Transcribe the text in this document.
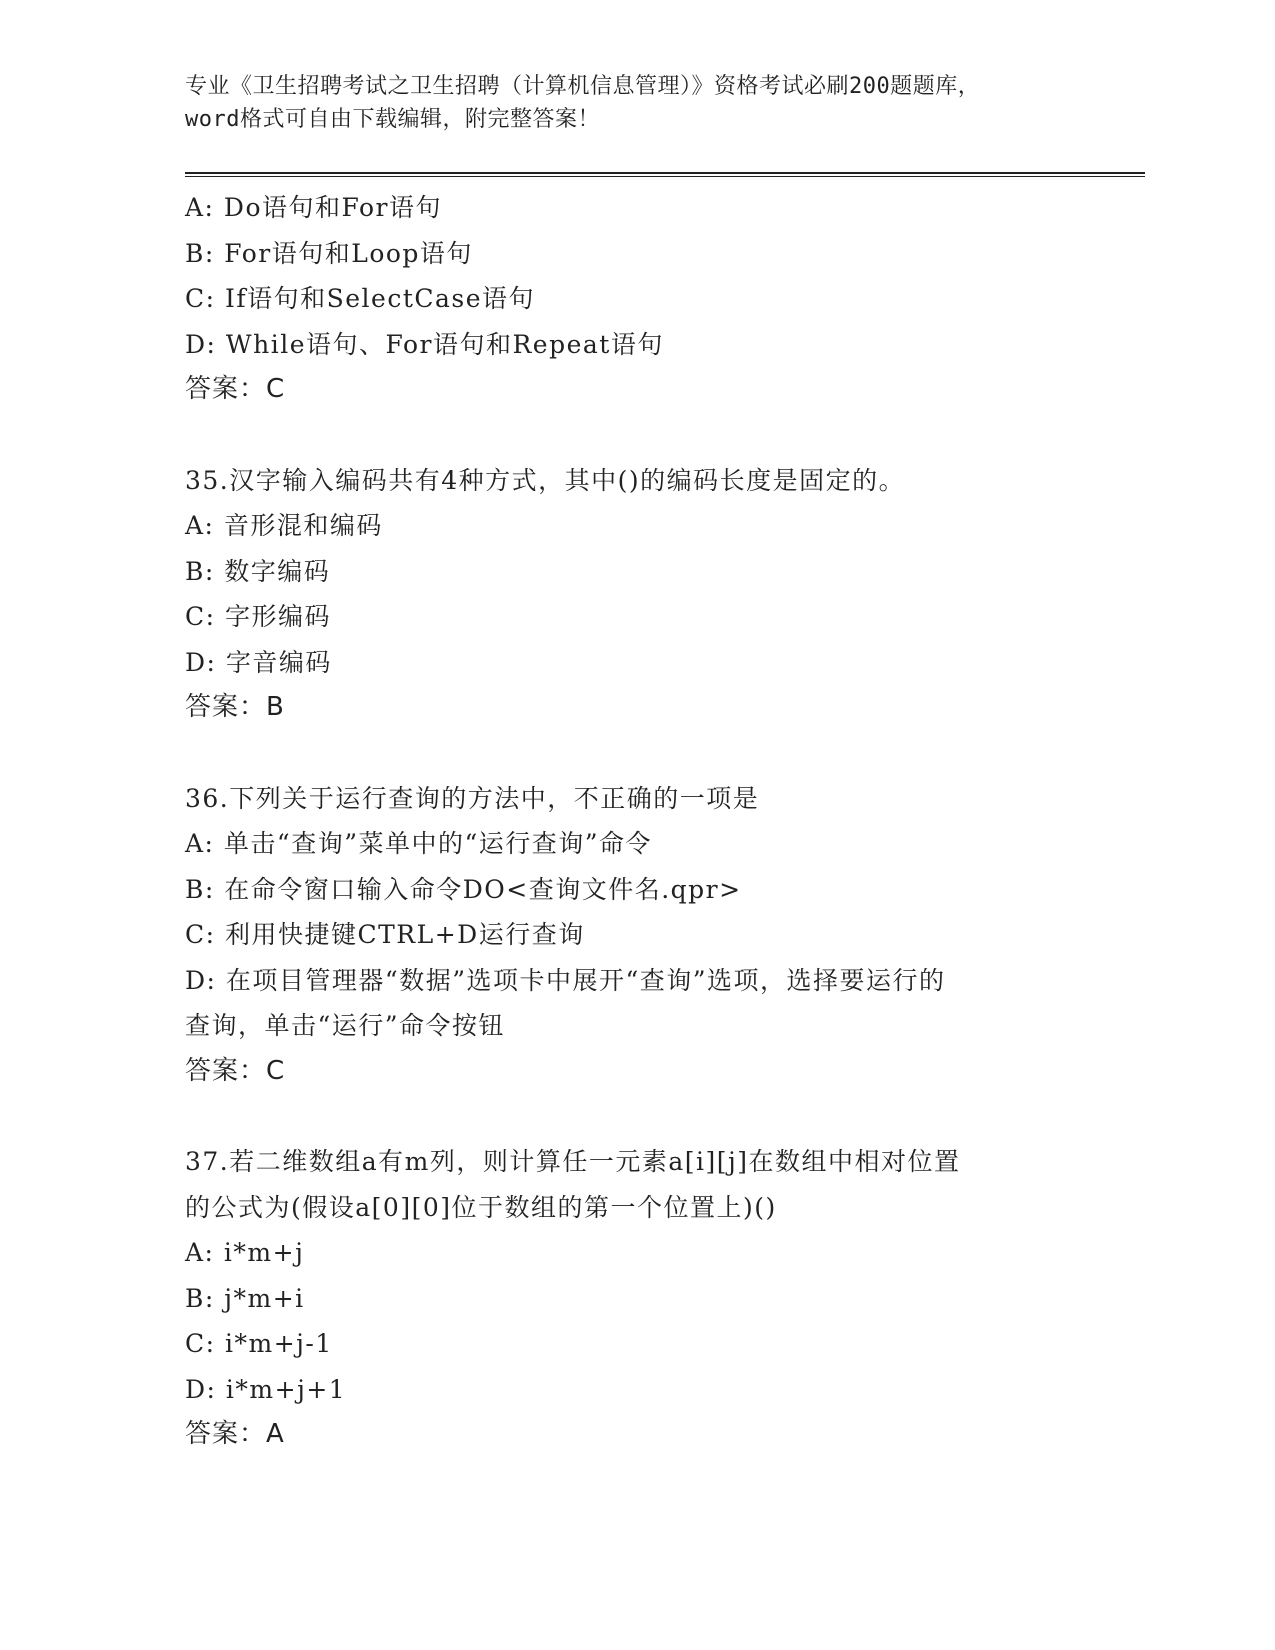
专业《卫生招聘考试之卫生招聘（计算机信息管理）》资格考试必刷200题题库，
word格式可自由下载编辑，附完整答案！
A: Do语句和For语句
B: For语句和Loop语句
C: If语句和SelectCase语句
D: While语句、For语句和Repeat语句
答案：C
35.汉字输入编码共有4种方式，其中()的编码长度是固定的。
A: 音形混和编码
B: 数字编码
C: 字形编码
D: 字音编码
答案：B
36.下列关于运行查询的方法中，不正确的一项是
A: 单击“查询”菜单中的“运行查询”命令
B: 在命令窗口输入命令DO<查询文件名.qpr>
C: 利用快捷键CTRL+D运行查询
D: 在项目管理器“数据”选项卡中展开“查询”选项，选择要运行的
查询，单击“运行”命令按钮
答案：C
37.若二维数组a有m列，则计算任一元素a[i][j]在数组中相对位置
的公式为(假设a[0][0]位于数组的第一个位置上)()
A: i*m+j
B: j*m+i
C: i*m+j-1
D: i*m+j+1
答案：A
